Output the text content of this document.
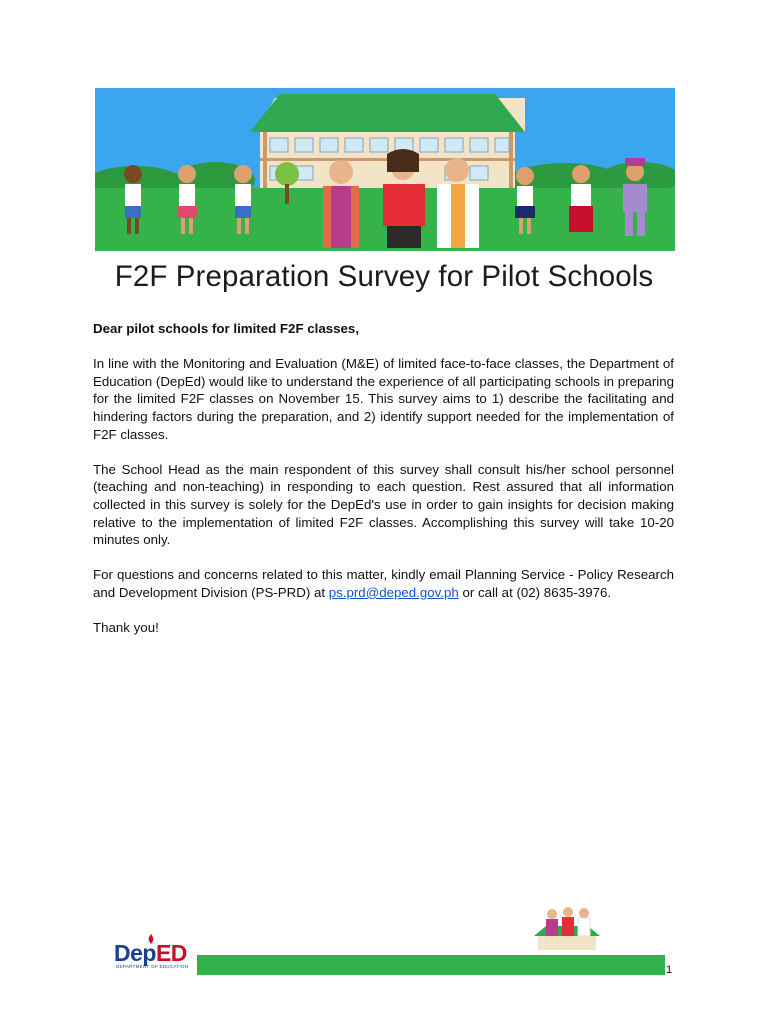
F2F Preparation Survey for Pilot Schools

Dear pilot schools for limited F2F classes,

In line with the Monitoring and Evaluation (M&E) of limited face-to-face classes, the Department of Education (DepEd) would like to understand the experience of all participating schools in preparing for the limited F2F classes on November 15. This survey aims to 1) describe the facilitating and hindering factors during the preparation, and 2) identify support needed for the implementation of F2F classes.

The School Head as the main respondent of this survey shall consult his/her school personnel (teaching and non-teaching) in responding to each question. Rest assured that all information collected in this survey is solely for the DepEd's use in order to gain insights for decision making relative to the implementation of limited F2F classes. Accomplishing this survey will take 10-20 minutes only.

For questions and concerns related to this matter, kindly email Planning Service - Policy Research and Development Division (PS-PRD) at ps.prd@deped.gov.ph or call at (02) 8635-3976.

Thank you!

DepED
DEPARTMENT OF EDUCATION	1
